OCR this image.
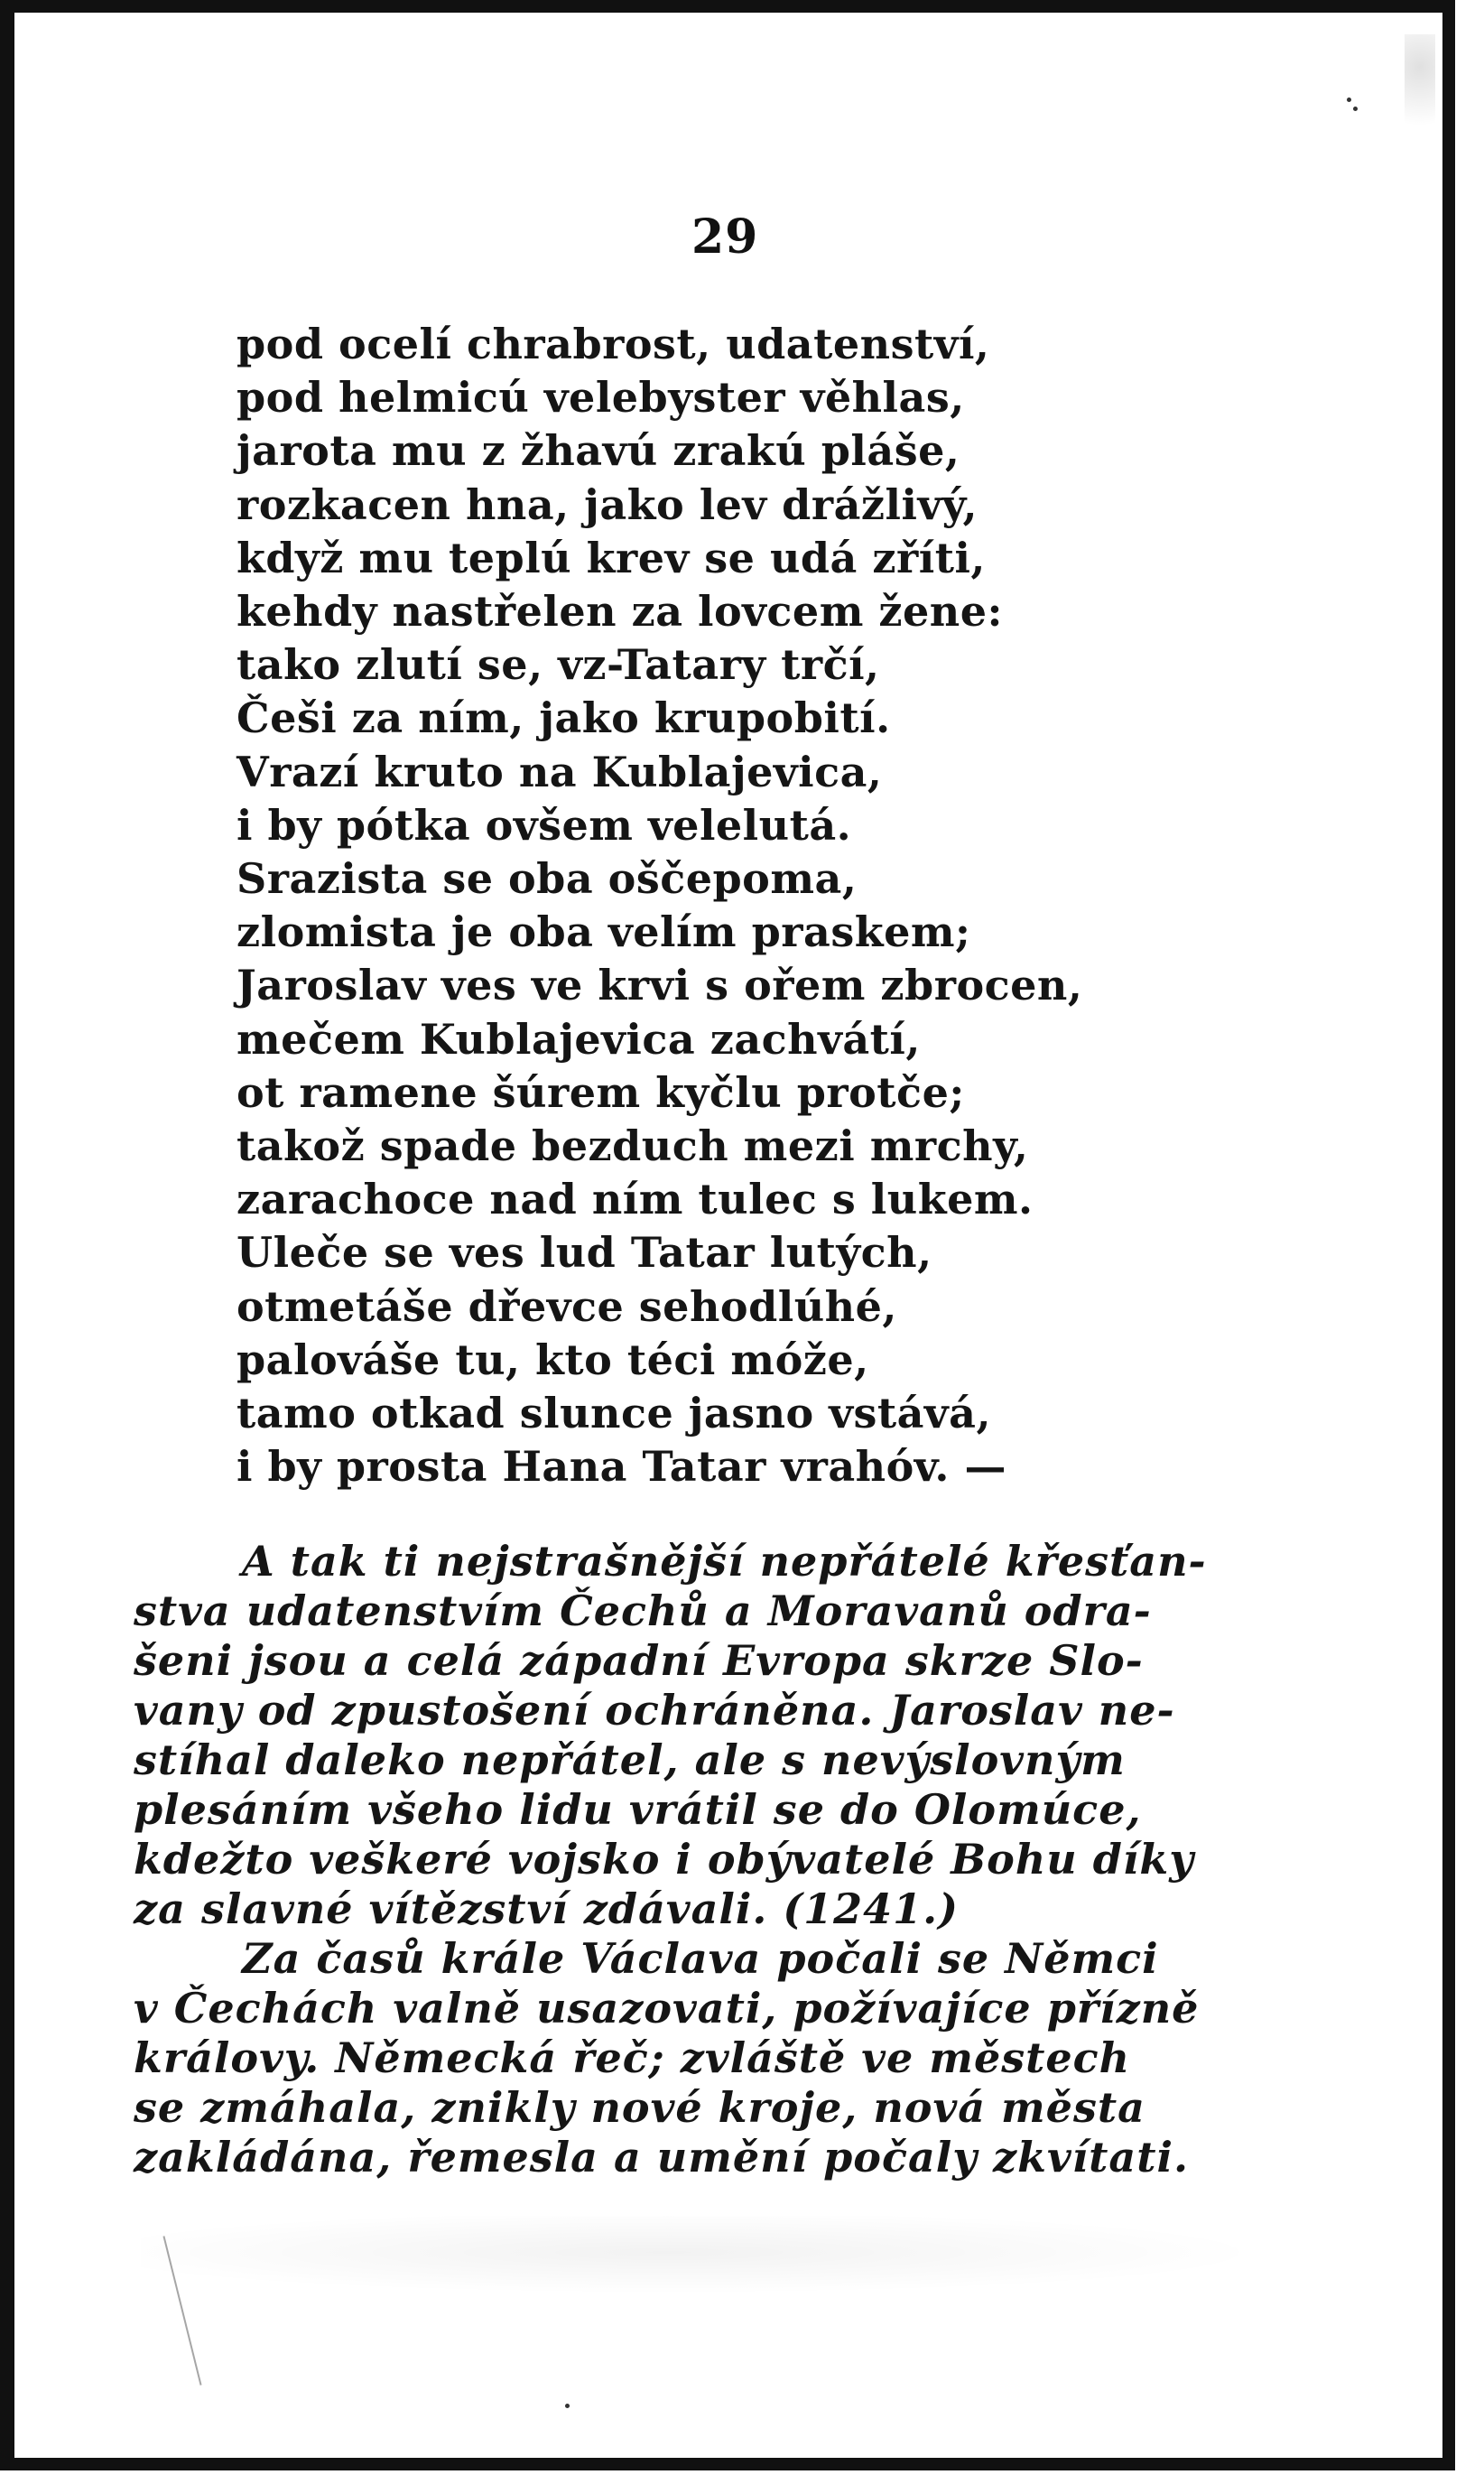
29
pod ocelí chrabrost, udatenství,
pod helmicú velebyster věhlas,
jarota mu z žhavú zrakú pláše,
rozkacen hna, jako lev drážlivý,
když mu teplú krev se udá zříti,
kehdy nastřelen za lovcem žene:
tako zlutí se, vz-Tatary trčí,
Češi za ním, jako krupobití.
Vrazí kruto na Kublajevica,
i by pótka ovšem velelutá.
Srazista se oba oščepoma,
zlomista je oba velím praskem;
Jaroslav ves ve krvi s ořem zbrocen,
mečem Kublajevica zachvátí,
ot ramene šúrem kyčlu protče;
takož spade bezduch mezi mrchy,
zarachoce nad ním tulec s lukem.
Uleče se ves lud Tatar lutých,
otmetáše dřevce sehodlúhé,
palováše tu, kto téci móže,
tamo otkad slunce jasno vstává,
i by prosta Hana Tatar vrahóv. —
A tak ti nejstrašnější nepřátelé křesťan-
stva udatenstvím Čechů a Moravanů odra-
šeni jsou a celá západní Evropa skrze Slo-
vany od zpustošení ochráněna. Jaroslav ne-
stíhal daleko nepřátel, ale s nevýslovným
plesáním všeho lidu vrátil se do Olomúce,
kdežto veškeré vojsko i obývatelé Bohu díky
za slavné vítězství zdávali. (1241.)
Za časů krále Václava počali se Němci
v Čechách valně usazovati, požívajíce přízně
královy. Německá řeč; zvláště ve městech
se zmáhala, znikly nové kroje, nová města
zakládána, řemesla a umění počaly zkvítati.
